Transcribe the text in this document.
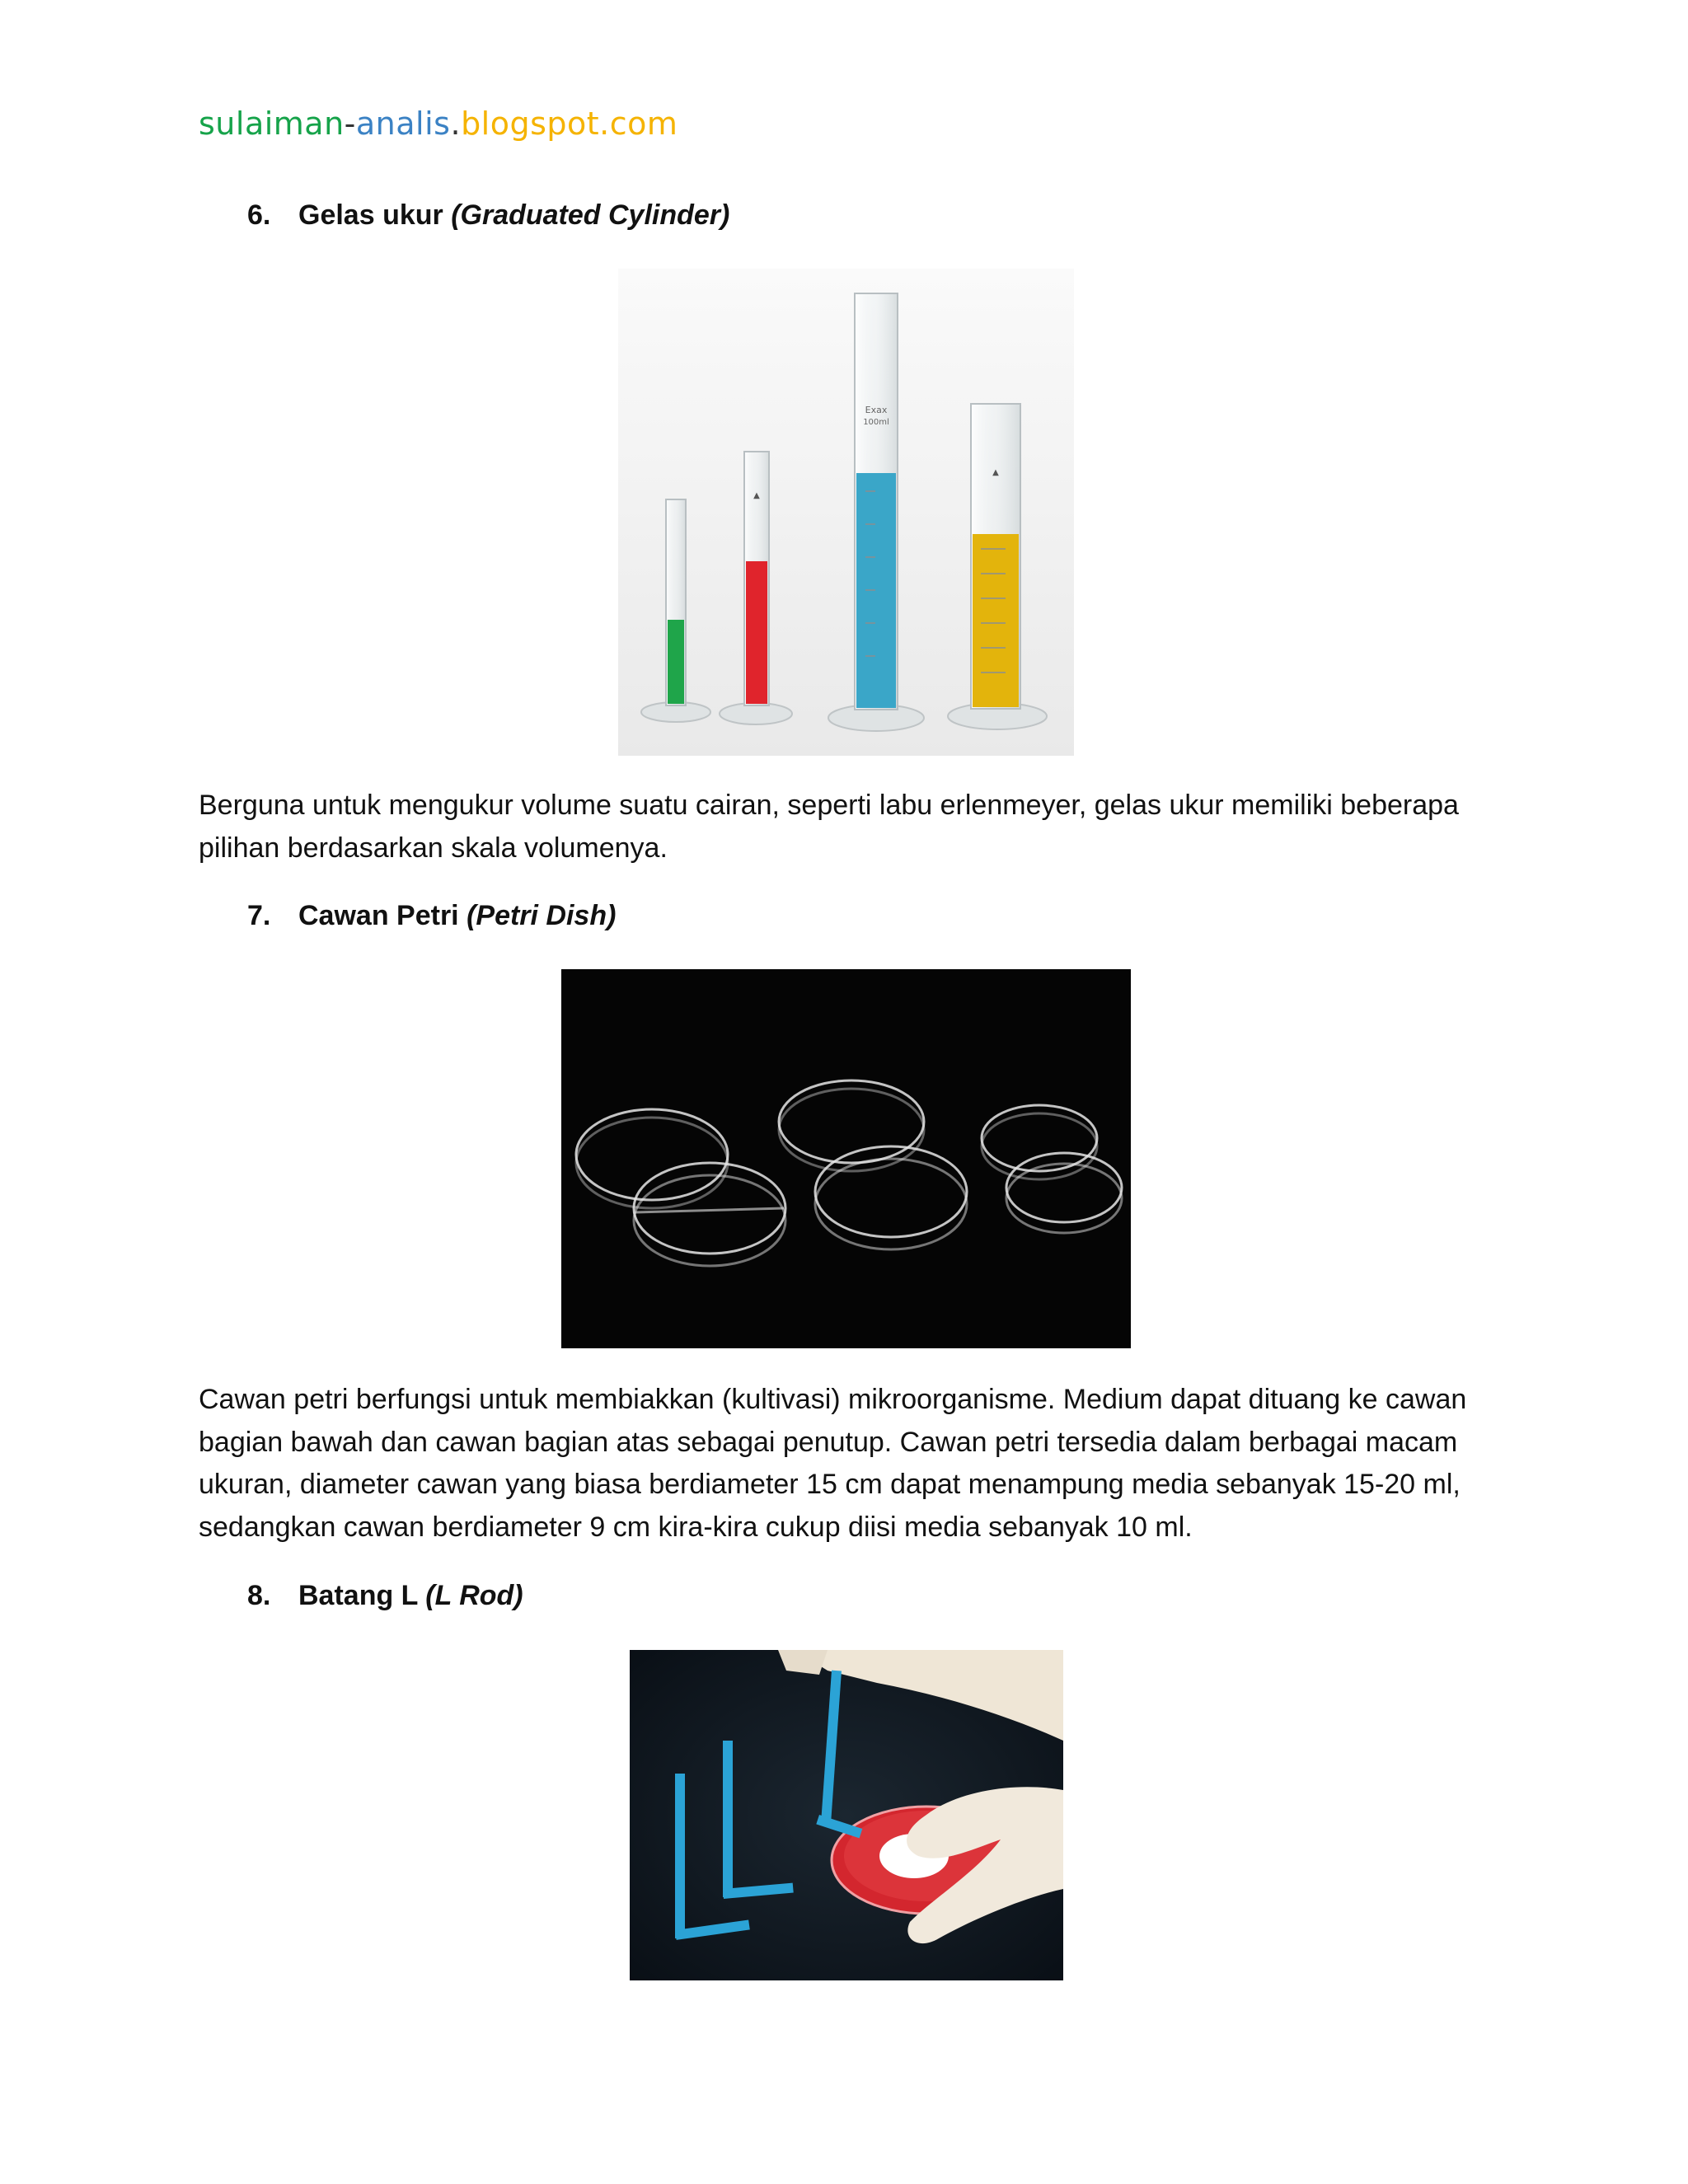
sulaiman-analis.blogspot.com
6. Gelas ukur (Graduated Cylinder)
▲
Exax
100ml
▲
Berguna untuk mengukur volume suatu cairan, seperti labu erlenmeyer, gelas ukur memiliki beberapa
pilihan berdasarkan skala volumenya.
7. Cawan Petri (Petri Dish)
Cawan petri berfungsi untuk membiakkan (kultivasi) mikroorganisme. Medium dapat dituang ke cawan
bagian bawah dan cawan bagian atas sebagai penutup. Cawan petri tersedia dalam berbagai macam
ukuran, diameter cawan yang biasa berdiameter 15 cm dapat menampung media sebanyak 15-20 ml,
sedangkan cawan berdiameter 9 cm kira-kira cukup diisi media sebanyak 10 ml.
8. Batang L (L Rod)
